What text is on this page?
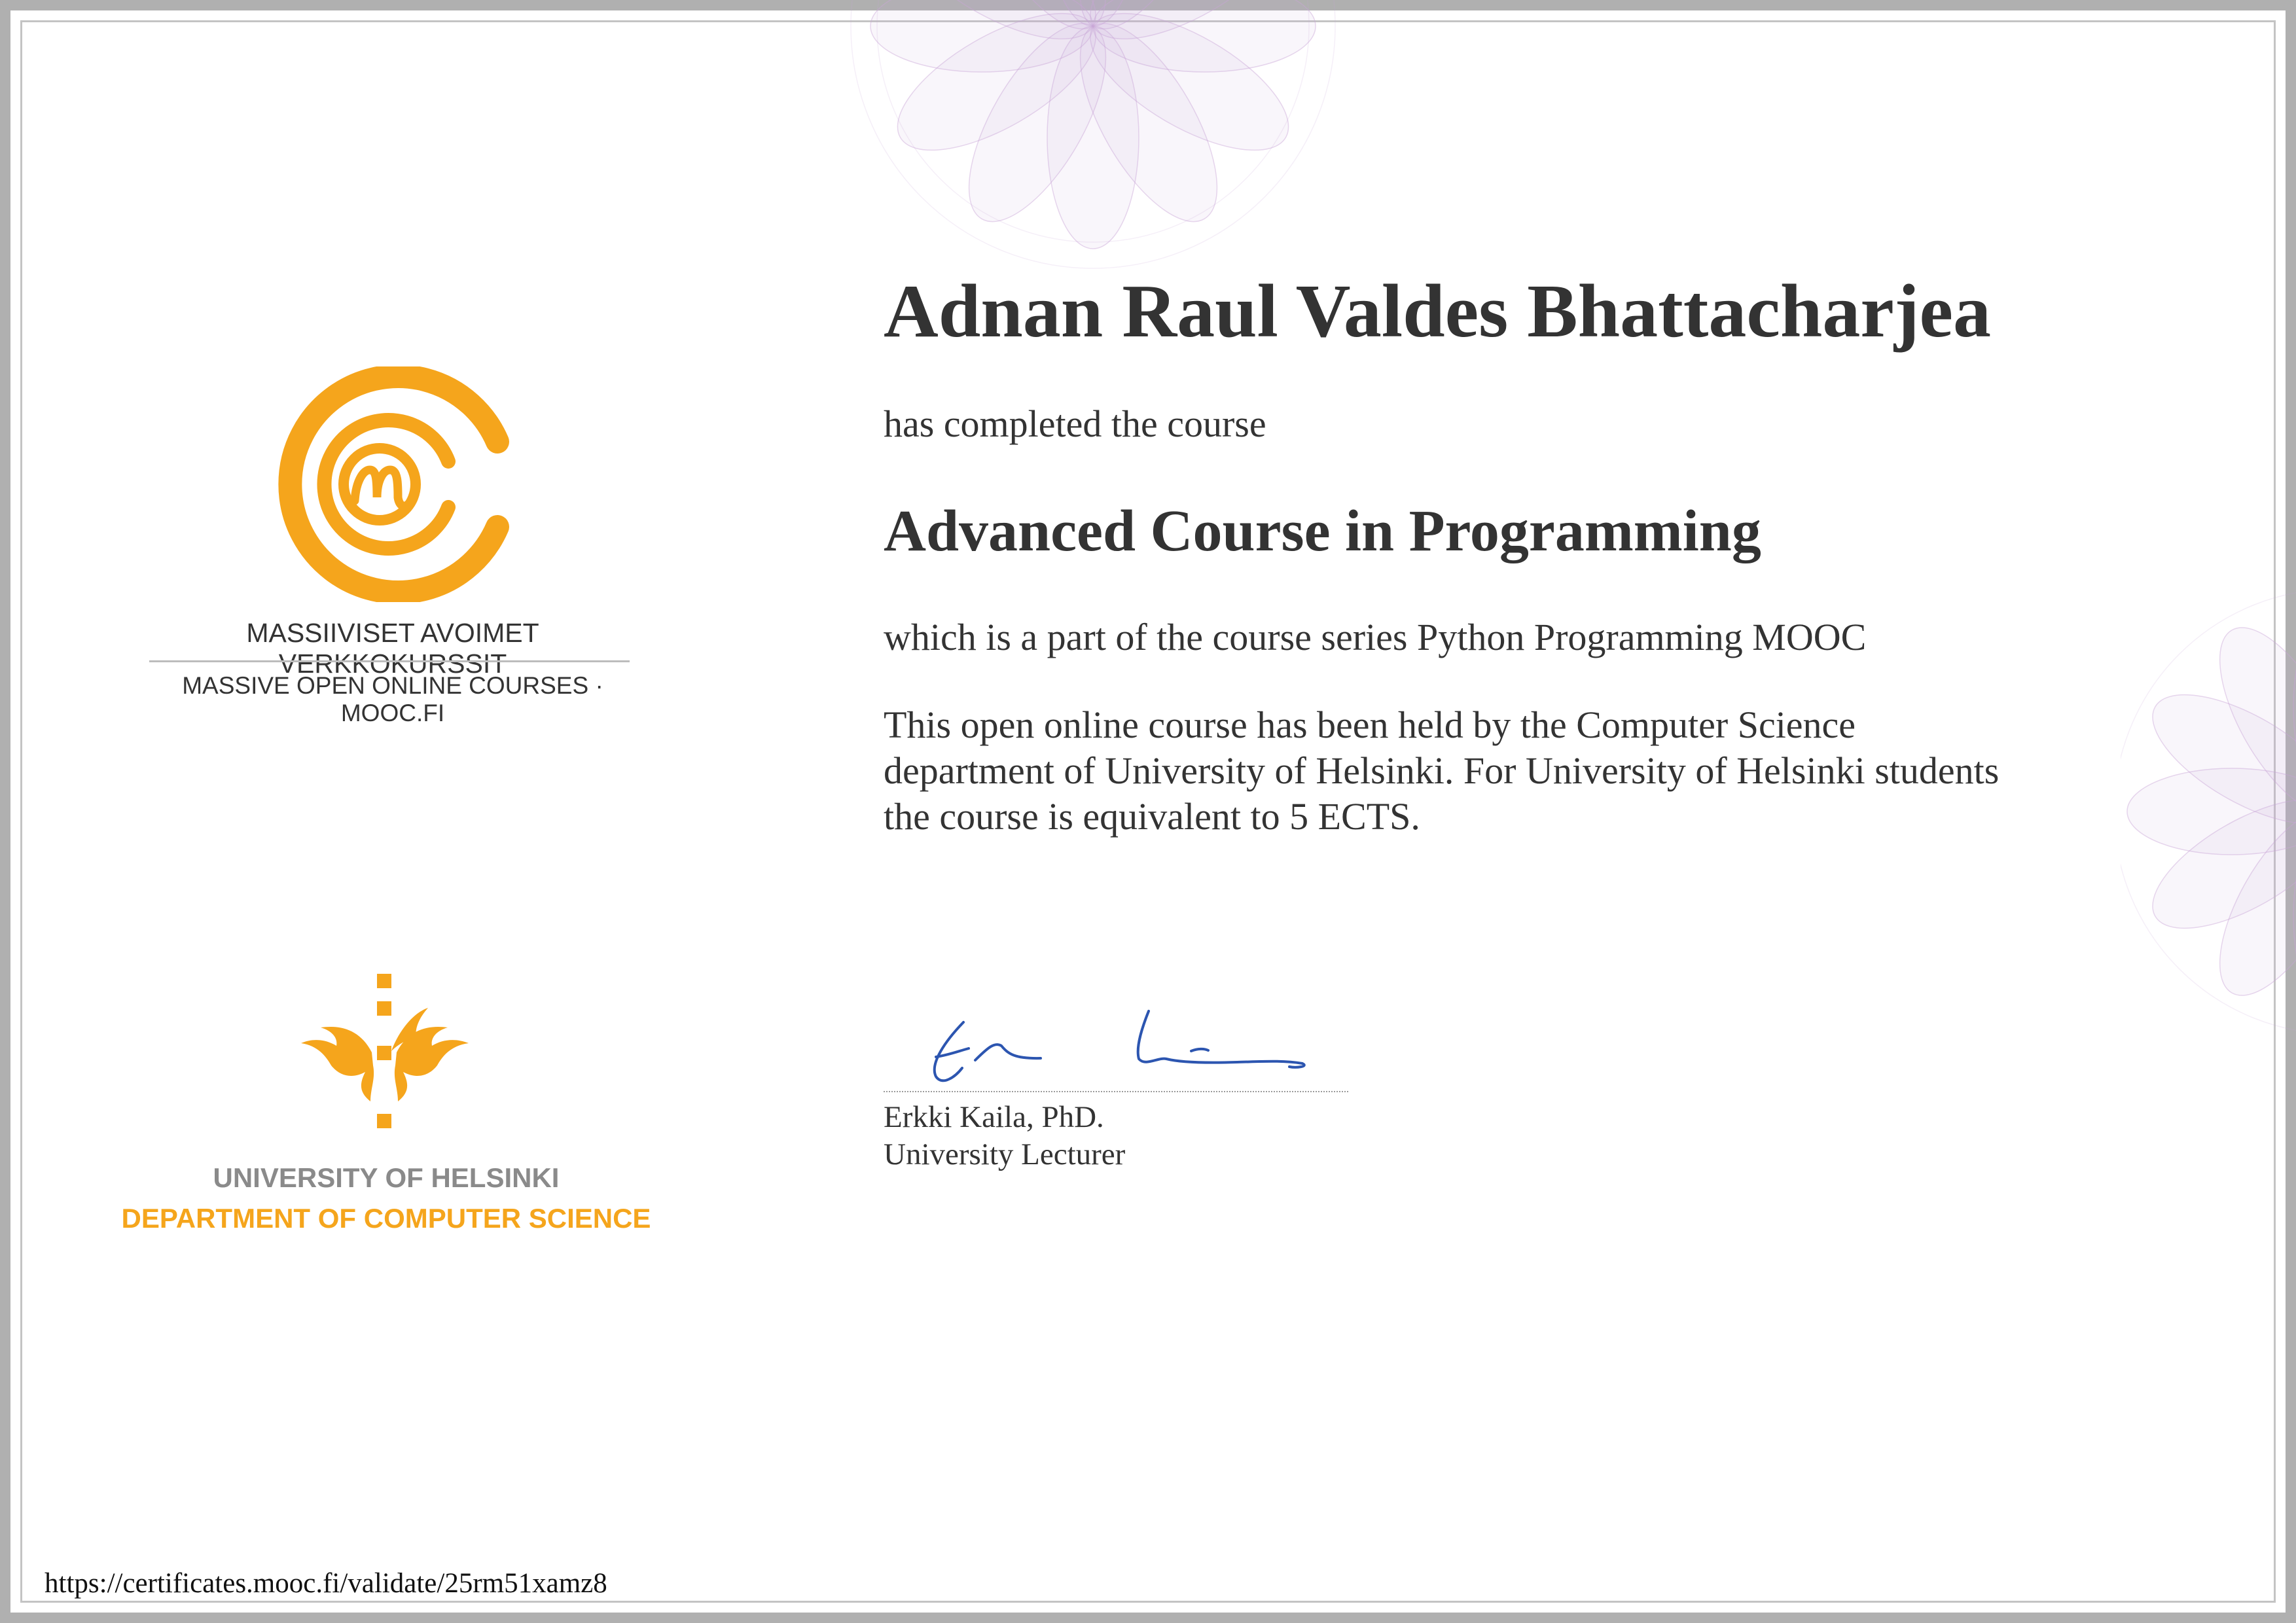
MASSIIVISET AVOIMET VERKKOKURSSIT
MASSIVE OPEN ONLINE COURSES · MOOC.FI
UNIVERSITY OF HELSINKI
DEPARTMENT OF COMPUTER SCIENCE
Adnan Raul Valdes Bhattacharjea
has completed the course
Advanced Course in Programming
which is a part of the course series Python Programming MOOC
This open online course has been held by the Computer Science
department of University of Helsinki. For University of Helsinki students
the course is equivalent to 5 ECTS.
Erkki Kaila, PhD.
University Lecturer
https://certificates.mooc.fi/validate/25rm51xamz8
